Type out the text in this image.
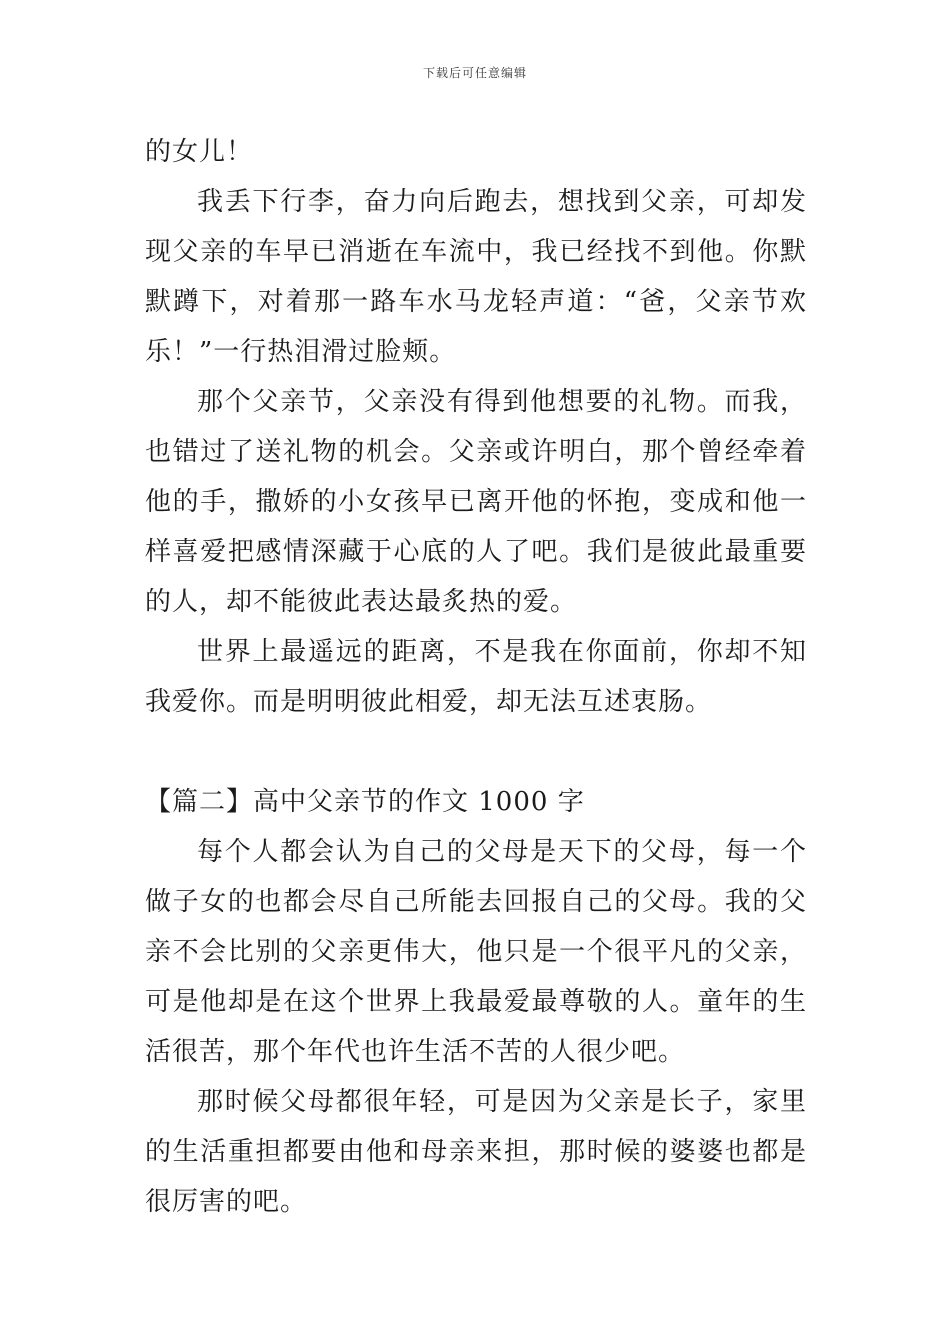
下载后可任意编辑

的女儿！

我丢下行李，奋力向后跑去，想找到父亲，可却发现父亲的车早已消逝在车流中，我已经找不到他。你默默蹲下，对着那一路车水马龙轻声道：“爸，父亲节欢乐！”一行热泪滑过脸颊。

那个父亲节，父亲没有得到他想要的礼物。而我，也错过了送礼物的机会。父亲或许明白，那个曾经牵着他的手，撒娇的小女孩早已离开他的怀抱，变成和他一样喜爱把感情深藏于心底的人了吧。我们是彼此最重要的人，却不能彼此表达最炙热的爱。

世界上最遥远的距离，不是我在你面前，你却不知我爱你。而是明明彼此相爱，却无法互述衷肠。

【篇二】高中父亲节的作文 1000 字

每个人都会认为自己的父母是天下的父母，每一个做子女的也都会尽自己所能去回报自己的父母。我的父亲不会比别的父亲更伟大，他只是一个很平凡的父亲，可是他却是在这个世界上我最爱最尊敬的人。童年的生活很苦，那个年代也许生活不苦的人很少吧。

那时候父母都很年轻，可是因为父亲是长子，家里的生活重担都要由他和母亲来担，那时候的婆婆也都是很厉害的吧。
